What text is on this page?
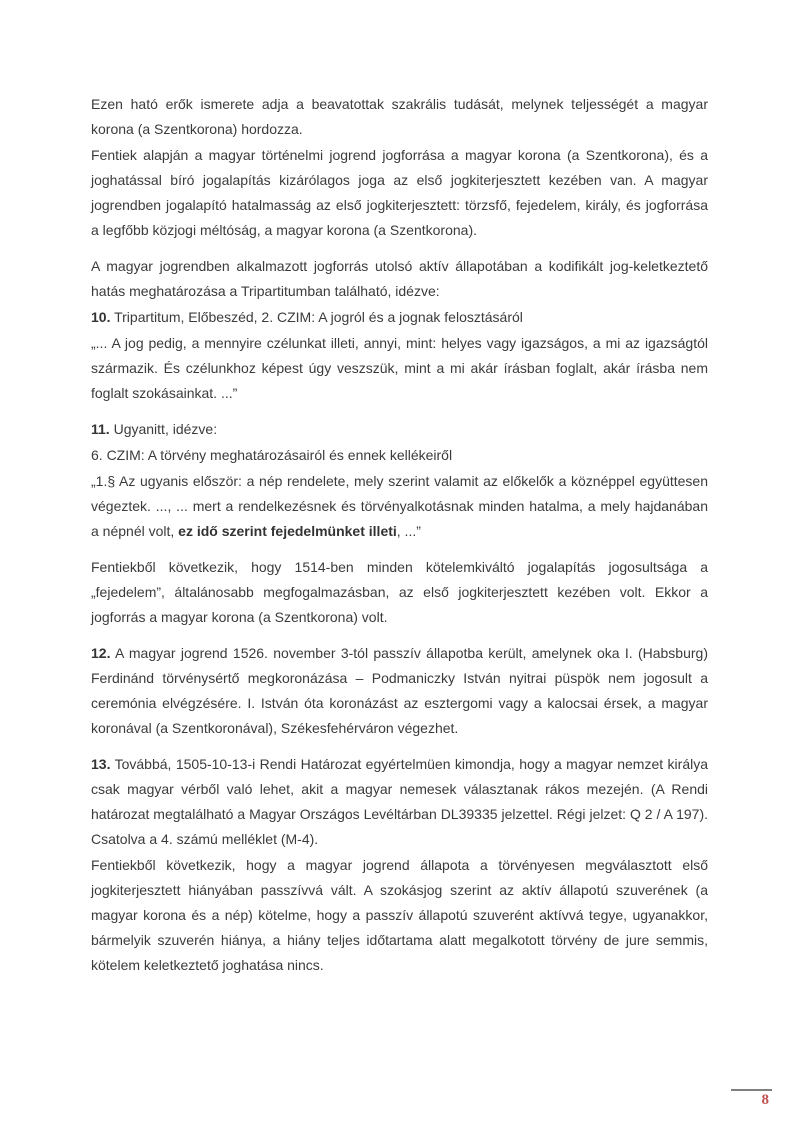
Ezen ható erők ismerete adja a beavatottak szakrális tudását, melynek teljességét a magyar korona (a Szentkorona) hordozza.

Fentiek alapján a magyar történelmi jogrend jogforrása a magyar korona (a Szentkorona), és a joghatással bíró jogalapítás kizárólagos joga az első jogkiterjesztett kezében van. A magyar jogrendben jogalapító hatalmasság az első jogkiterjesztett: törzsfő, fejedelem, király, és jogforrása a legfőbb közjogi méltóság, a magyar korona (a Szentkorona).

A magyar jogrendben alkalmazott jogforrás utolsó aktív állapotában a kodifikált jog-keletkeztető hatás meghatározása a Tripartitumban található, idézve:

10. Tripartitum, Előbeszéd, 2. CZIM: A jogról és a jognak felosztásáról

„... A jog pedig, a mennyire czélunkat illeti, annyi, mint: helyes vagy igazságos, a mi az igazságtól származik. És czélunkhoz képest úgy veszszük, mint a mi akár írásban foglalt, akár írásba nem foglalt szokásainkat. ...”

11. Ugyanitt, idézve:

6. CZIM: A törvény meghatározásairól és ennek kellékeiről

„1.§ Az ugyanis először: a nép rendelete, mely szerint valamit az előkelők a köznéppel együttesen végeztek. ..., ... mert a rendelkezésnek és törvényalkotásnak minden hatalma, a mely hajdanában a népnél volt, ez idő szerint fejedelmünket illeti, ...”

Fentiekből következik, hogy 1514-ben minden kötelemkiváltó jogalapítás jogosultsága a „fejedelem”, általánosabb megfogalmazásban, az első jogkiterjesztett kezében volt. Ekkor a jogforrás a magyar korona (a Szentkorona) volt.

12. A magyar jogrend 1526. november 3-tól passzív állapotba került, amelynek oka I. (Habsburg) Ferdinánd törvénysértő megkoronázása – Podmaniczky István nyitrai püspök nem jogosult a ceremónia elvégzésére. I. István óta koronázást az esztergomi vagy a kalocsai érsek, a magyar koronával (a Szentkoronával), Székesfehérváron végezhet.

13. Továbbá, 1505-10-13-i Rendi Határozat egyértelmüen kimondja, hogy a magyar nemzet királya csak magyar vérből való lehet, akit a magyar nemesek választanak rákos mezején. (A Rendi határozat megtalálható a Magyar Országos Levéltárban DL39335 jelzettel. Régi jelzet: Q 2 / A 197). Csatolva a 4. számú melléklet (M-4).

Fentiekből következik, hogy a magyar jogrend állapota a törvényesen megválasztott első jogkiterjesztett hiányában passzívvá vált. A szokásjog szerint az aktív állapotú szuverének (a magyar korona és a nép) kötelme, hogy a passzív állapotú szuverént aktívvá tegye, ugyanakkor, bármelyik szuverén hiánya, a hiány teljes időtartama alatt megalkotott törvény de jure semmis, kötelem keletkeztető joghatása nincs.

8
